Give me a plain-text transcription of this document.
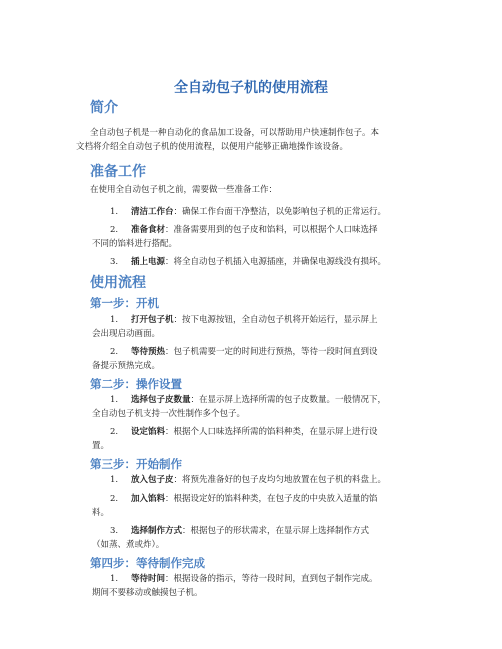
全自动包子机的使用流程
简介

全自动包子机是一种自动化的食品加工设备，可以帮助用户快速制作包子。本

文档将介绍全自动包子机的使用流程，以便用户能够正确地操作该设备。

准备工作

在使用全自动包子机之前，需要做一些准备工作：

1. 清洁工作台：确保工作台面干净整洁，以免影响包子机的正常运行。
2. 准备食材：准备需要用到的包子皮和馅料，可以根据个人口味选择
不同的馅料进行搭配。
3. 插上电源：将全自动包子机插入电源插座，并确保电源线没有损坏。
使用流程
第一步：开机
1. 打开包子机：按下电源按钮，全自动包子机将开始运行，显示屏上
会出现启动画面。
2. 等待预热：包子机需要一定的时间进行预热，等待一段时间直到设
备提示预热完成。
第二步：操作设置
1. 选择包子皮数量：在显示屏上选择所需的包子皮数量。一般情况下，
全自动包子机支持一次性制作多个包子。
2. 设定馅料：根据个人口味选择所需的馅料种类，在显示屏上进行设
置。
第三步：开始制作
1. 放入包子皮：将预先准备好的包子皮均匀地放置在包子机的料盘上。
2. 加入馅料：根据设定好的馅料种类，在包子皮的中央放入适量的馅
料。
3. 选择制作方式：根据包子的形状需求，在显示屏上选择制作方式
（如蒸、煮或炸）。
第四步：等待制作完成
1. 等待时间：根据设备的指示，等待一段时间，直到包子制作完成。
期间不要移动或触摸包子机。
